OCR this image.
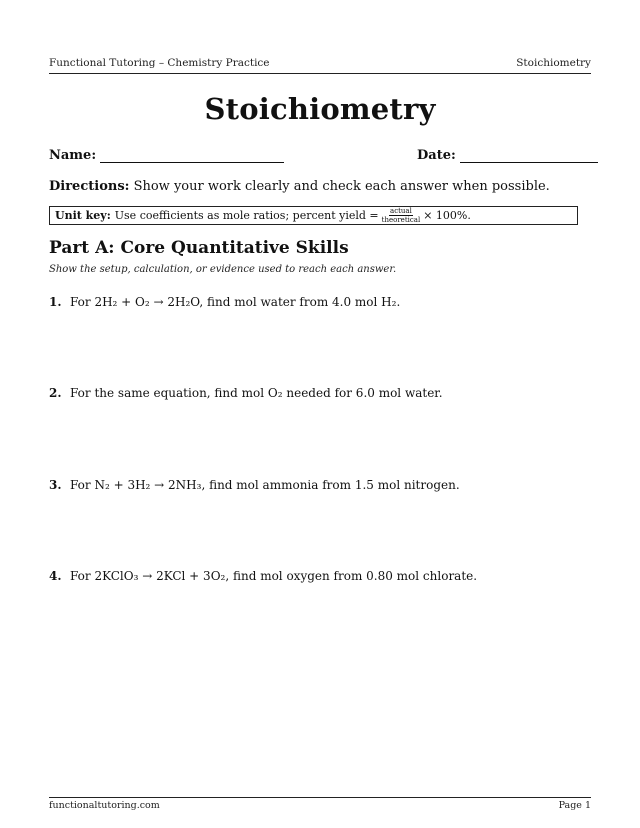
Functional Tutoring – Chemistry Practice	Stoichiometry
Stoichiometry
Name:	Date:
Directions: Show your work clearly and check each answer when possible.
Unit key: Use coefficients as mole ratios; percent yield = $\frac{\text{actual}}{\text{theoretical}} \times 100\%$.
Part A: Core Quantitative Skills
Show the setup, calculation, or evidence used to reach each answer.
1. For 2H₂ + O₂ → 2H₂O, find mol water from 4.0 mol H₂.
2. For the same equation, find mol O₂ needed for 6.0 mol water.
3. For N₂ + 3H₂ → 2NH₃, find mol ammonia from 1.5 mol nitrogen.
4. For 2KClO₃ → 2KCl + 3O₂, find mol oxygen from 0.80 mol chlorate.
functionaltutoring.com	Page 1
